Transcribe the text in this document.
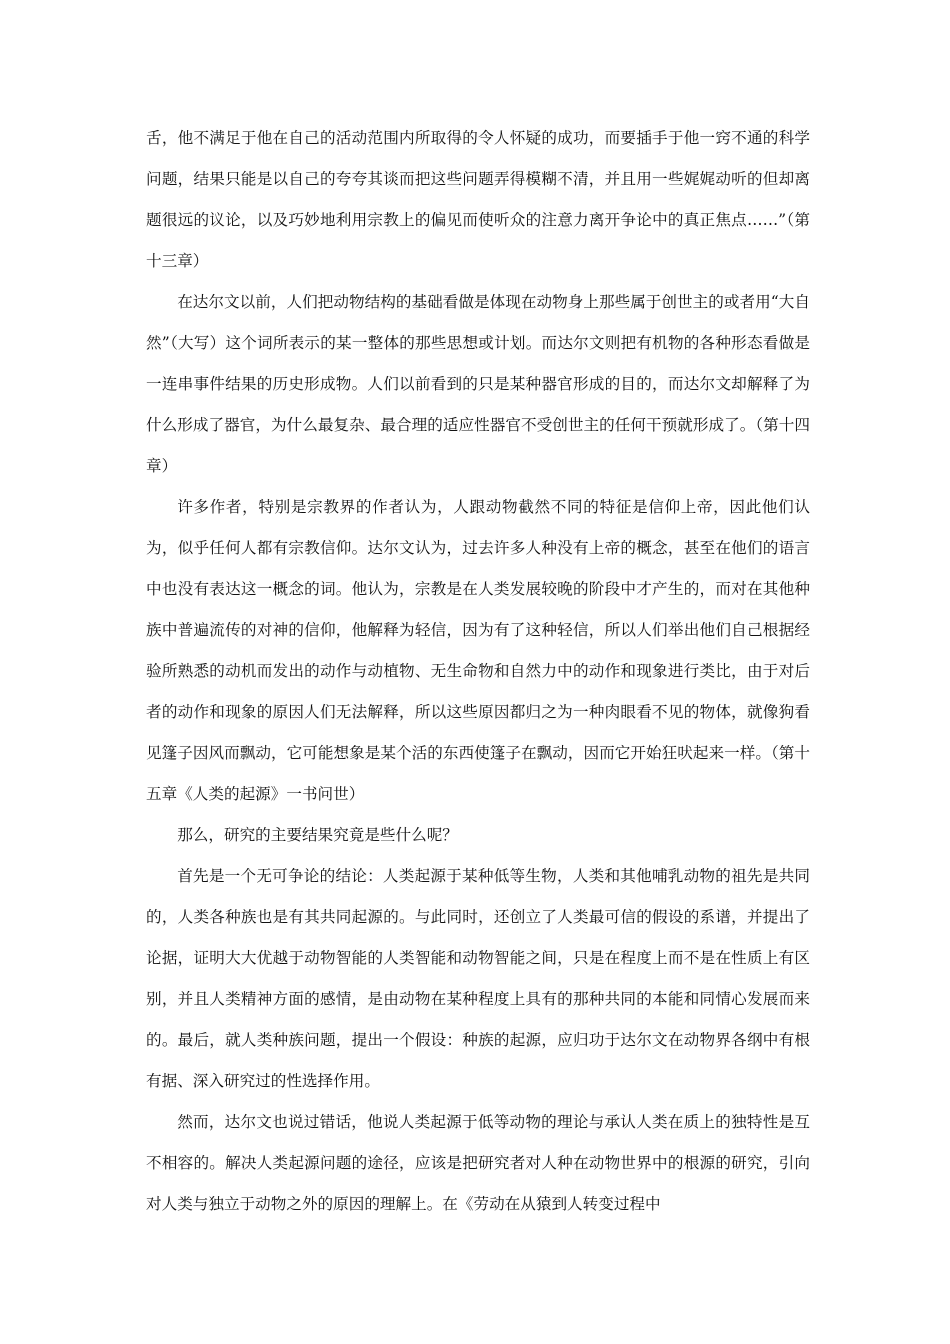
舌，他不满足于他在自己的活动范围内所取得的令人怀疑的成功，而要插手于他一窍不通的科学问题，结果只能是以自己的夸夸其谈而把这些问题弄得模糊不清，并且用一些娓娓动听的但却离题很远的议论，以及巧妙地利用宗教上的偏见而使听众的注意力离开争论中的真正焦点……”（第十三章）

在达尔文以前，人们把动物结构的基础看做是体现在动物身上那些属于创世主的或者用“大自然”（大写）这个词所表示的某一整体的那些思想或计划。而达尔文则把有机物的各种形态看做是一连串事件结果的历史形成物。人们以前看到的只是某种器官形成的目的，而达尔文却解释了为什么形成了器官，为什么最复杂、最合理的适应性器官不受创世主的任何干预就形成了。（第十四章）

许多作者，特别是宗教界的作者认为，人跟动物截然不同的特征是信仰上帝，因此他们认为，似乎任何人都有宗教信仰。达尔文认为，过去许多人种没有上帝的概念，甚至在他们的语言中也没有表达这一概念的词。他认为，宗教是在人类发展较晚的阶段中才产生的，而对在其他种族中普遍流传的对神的信仰，他解释为轻信，因为有了这种轻信，所以人们举出他们自己根据经验所熟悉的动机而发出的动作与动植物、无生命物和自然力中的动作和现象进行类比，由于对后者的动作和现象的原因人们无法解释，所以这些原因都归之为一种肉眼看不见的物体，就像狗看见篷子因风而飘动，它可能想象是某个活的东西使篷子在飘动，因而它开始狂吠起来一样。（第十五章《人类的起源》一书问世）

那么，研究的主要结果究竟是些什么呢？

首先是一个无可争论的结论：人类起源于某种低等生物，人类和其他哺乳动物的祖先是共同的，人类各种族也是有其共同起源的。与此同时，还创立了人类最可信的假设的系谱，并提出了论据，证明大大优越于动物智能的人类智能和动物智能之间，只是在程度上而不是在性质上有区别，并且人类精神方面的感情，是由动物在某种程度上具有的那种共同的本能和同情心发展而来的。最后，就人类种族问题，提出一个假设：种族的起源，应归功于达尔文在动物界各纲中有根有据、深入研究过的性选择作用。

然而，达尔文也说过错话，他说人类起源于低等动物的理论与承认人类在质上的独特性是互不相容的。解决人类起源问题的途径，应该是把研究者对人种在动物世界中的根源的研究，引向对人类与独立于动物之外的原因的理解上。在《劳动在从猿到人转变过程中
